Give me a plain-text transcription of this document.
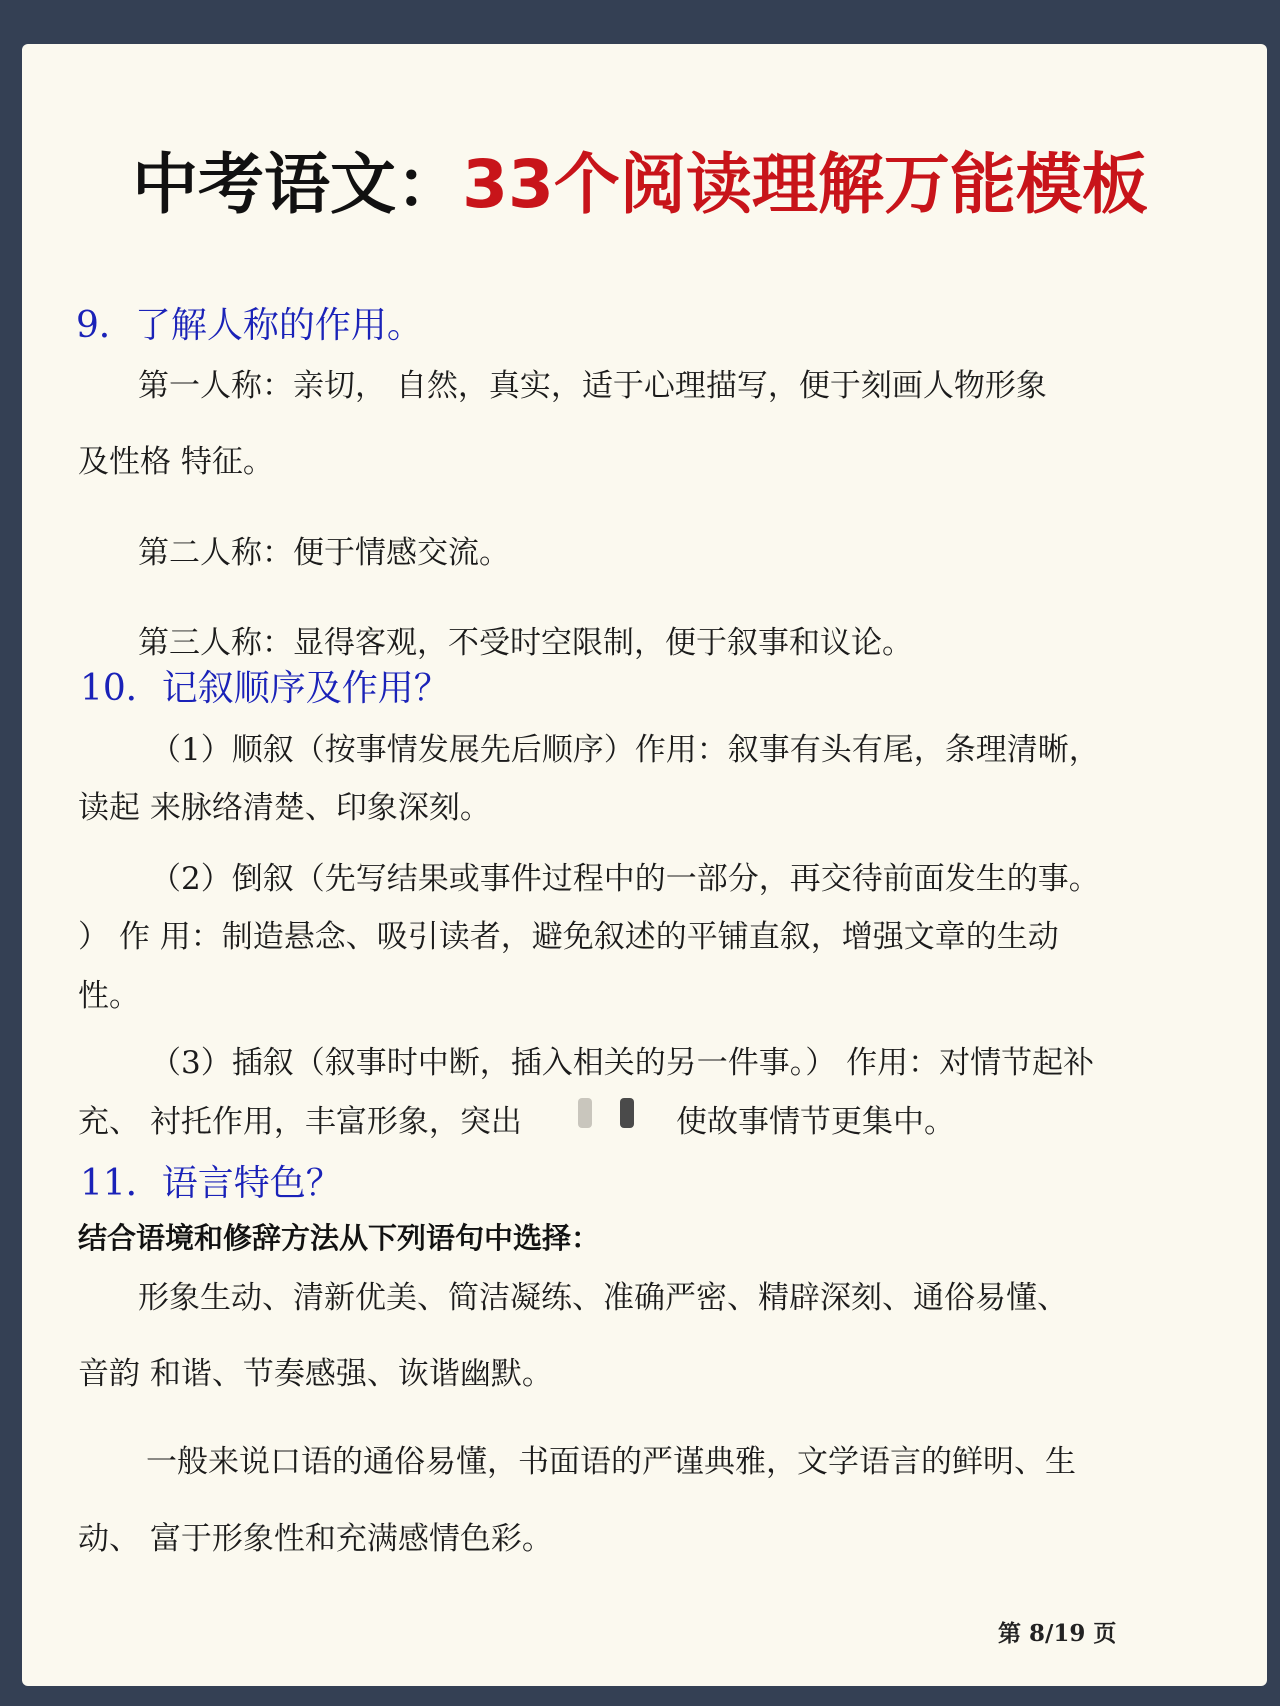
中考语文：33个阅读理解万能模板
9．了解人称的作用。
第一人称：亲切， 自然，真实，适于心理描写，便于刻画人物形象
及性格 特征。
第二人称：便于情感交流。
第三人称：显得客观，不受时空限制，便于叙事和议论。
10．记叙顺序及作用？
（1）顺叙（按事情发展先后顺序）作用：叙事有头有尾，条理清晰，
读起 来脉络清楚、印象深刻。
（2）倒叙（先写结果或事件过程中的一部分，再交待前面发生的事。
） 作 用：制造悬念、吸引读者，避免叙述的平铺直叙，增强文章的生动
性。
（3）插叙（叙事时中断，插入相关的另一件事。） 作用：对情节起补
充、 衬托作用，丰富形象，突出	使故事情节更集中。
11．语言特色？
结合语境和修辞方法从下列语句中选择：
形象生动、清新优美、简洁凝练、准确严密、精辟深刻、通俗易懂、
音韵 和谐、节奏感强、诙谐幽默。
一般来说口语的通俗易懂，书面语的严谨典雅，文学语言的鲜明、生
动、 富于形象性和充满感情色彩。
第 8/19 页
